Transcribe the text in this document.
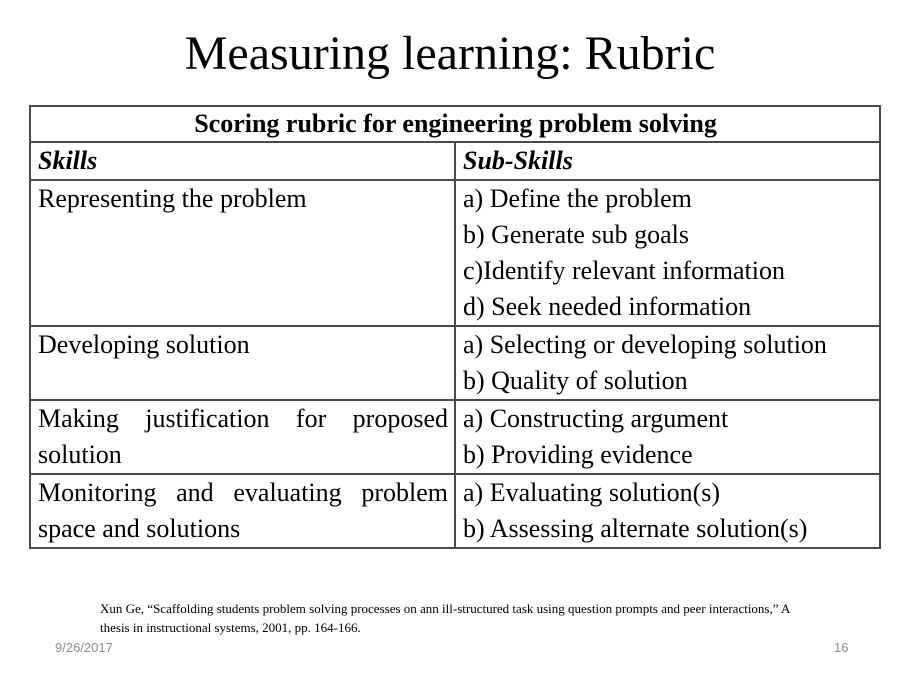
Measuring learning: Rubric
Scoring rubric for engineering problem solving	
Skills	Sub-Skills
Representing the problem	a) Define the problem
b) Generate sub goals
c)Identify relevant information
d) Seek needed information

Developing solution	a) Selecting or developing solution
b) Quality of solution

Making justification for proposed solution	a) Constructing argument
b) Providing evidence

Monitoring and evaluating problem space and solutions	a) Evaluating solution(s)
b) Assessing alternate solution(s)
Xun Ge, “Scaffolding students problem solving processes on ann ill-structured task using question prompts and peer interactions,” A thesis in instructional systems, 2001, pp. 164-166.
9/26/2017	16
